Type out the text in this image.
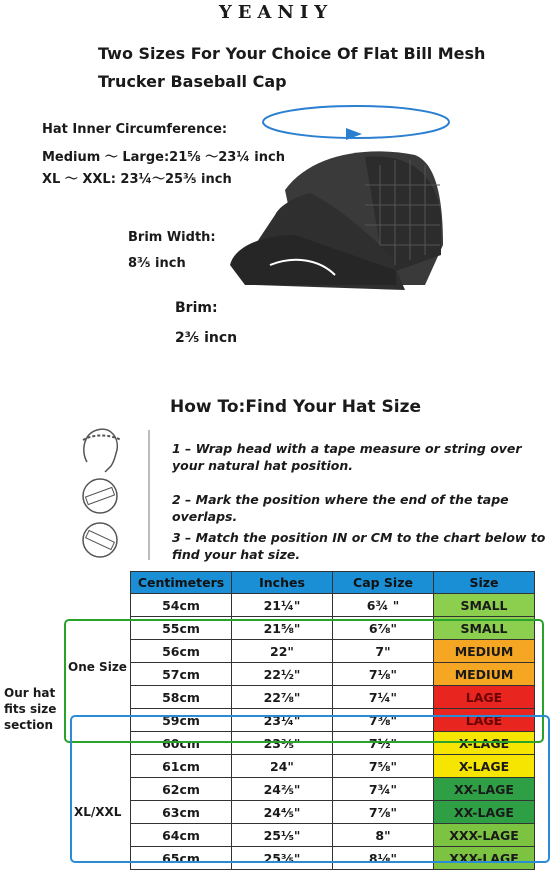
YEANIY
Two Sizes For Your Choice Of Flat Bill Mesh
Trucker Baseball Cap
Hat Inner Circumference:
Medium ～ Large:21⅝ ～23¼ inch
XL ～ XXL: 23¼～25⅗ inch
Brim Width:
8⅗ inch
Brim:
2⅗ incn
How To:Find Your Hat Size
1 – Wrap head with a tape measure or string over your natural hat position.
2 – Mark the position where the end of the tape overlaps.
3 – Match the position IN or CM to the chart below to find your hat size.
Centimeters	Inches	Cap Size	Size
54cm	21¼"	6¾ "	SMALL
55cm	21⅝"	6⅞"	SMALL
56cm	22"	7"	MEDIUM
57cm	22½"	7⅛"	MEDIUM
58cm	22⅞"	7¼"	LAGE
59cm	23¼"	7⅜"	LAGE
60cm	23⅗"	7½"	X-LAGE
61cm	24"	7⅝"	X-LAGE
62cm	24⅖"	7¾"	XX-LAGE
63cm	24⅘"	7⅞"	XX-LAGE
64cm	25⅕"	8"	XXX-LAGE
65cm	25⅗"	8⅛"	XXX-LAGE
One Size
XL/XXL
Our hat
fits size
section
